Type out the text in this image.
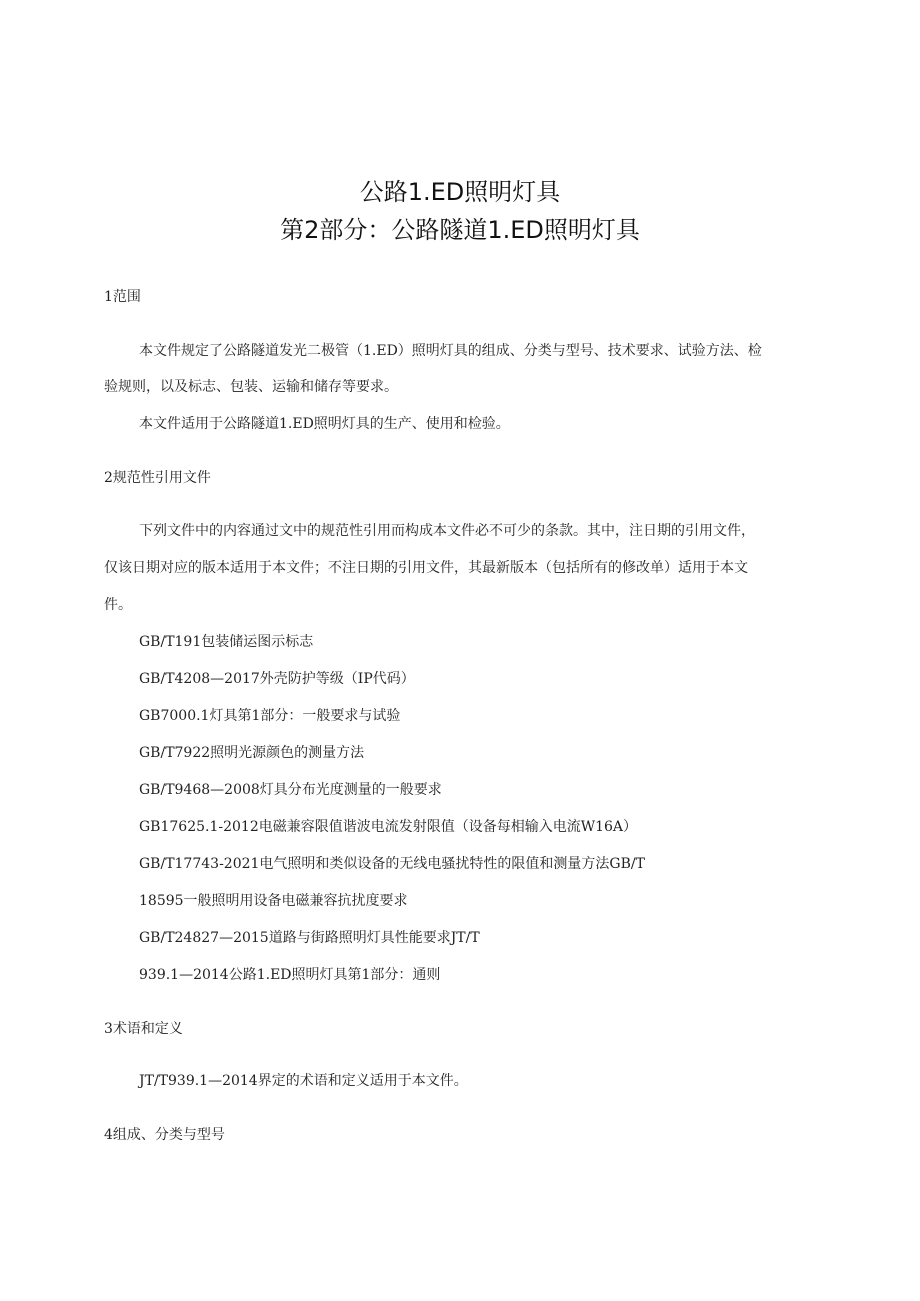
公路1.ED照明灯具
第2部分：公路隧道1.ED照明灯具
1范围

本文件规定了公路隧道发光二极管（1.ED）照明灯具的组成、分类与型号、技术要求、试验方法、检

验规则，以及标志、包装、运输和储存等要求。

本文件适用于公路隧道1.ED照明灯具的生产、使用和检验。

2规范性引用文件

下列文件中的内容通过文中的规范性引用而构成本文件必不可少的条款。其中，注日期的引用文件，

仅该日期对应的版本适用于本文件；不注日期的引用文件，其最新版本（包括所有的修改单）适用于本文

件。

GB/T191包装储运图示标志

GB/T4208—2017外壳防护等级（IP代码）

GB7000.1灯具第1部分：一般要求与试验

GB/T7922照明光源颜色的测量方法

GB/T9468—2008灯具分布光度测量的一般要求

GB17625.1-2012电磁兼容限值谐波电流发射限值（设备每相输入电流W16A）

GB/T17743-2021电气照明和类似设备的无线电骚扰特性的限值和测量方法GB/T

18595一般照明用设备电磁兼容抗扰度要求

GB/T24827—2015道路与街路照明灯具性能要求JT/T

939.1—2014公路1.ED照明灯具第1部分：通则

3术语和定义

JT/T939.1—2014界定的术语和定义适用于本文件。

4组成、分类与型号
